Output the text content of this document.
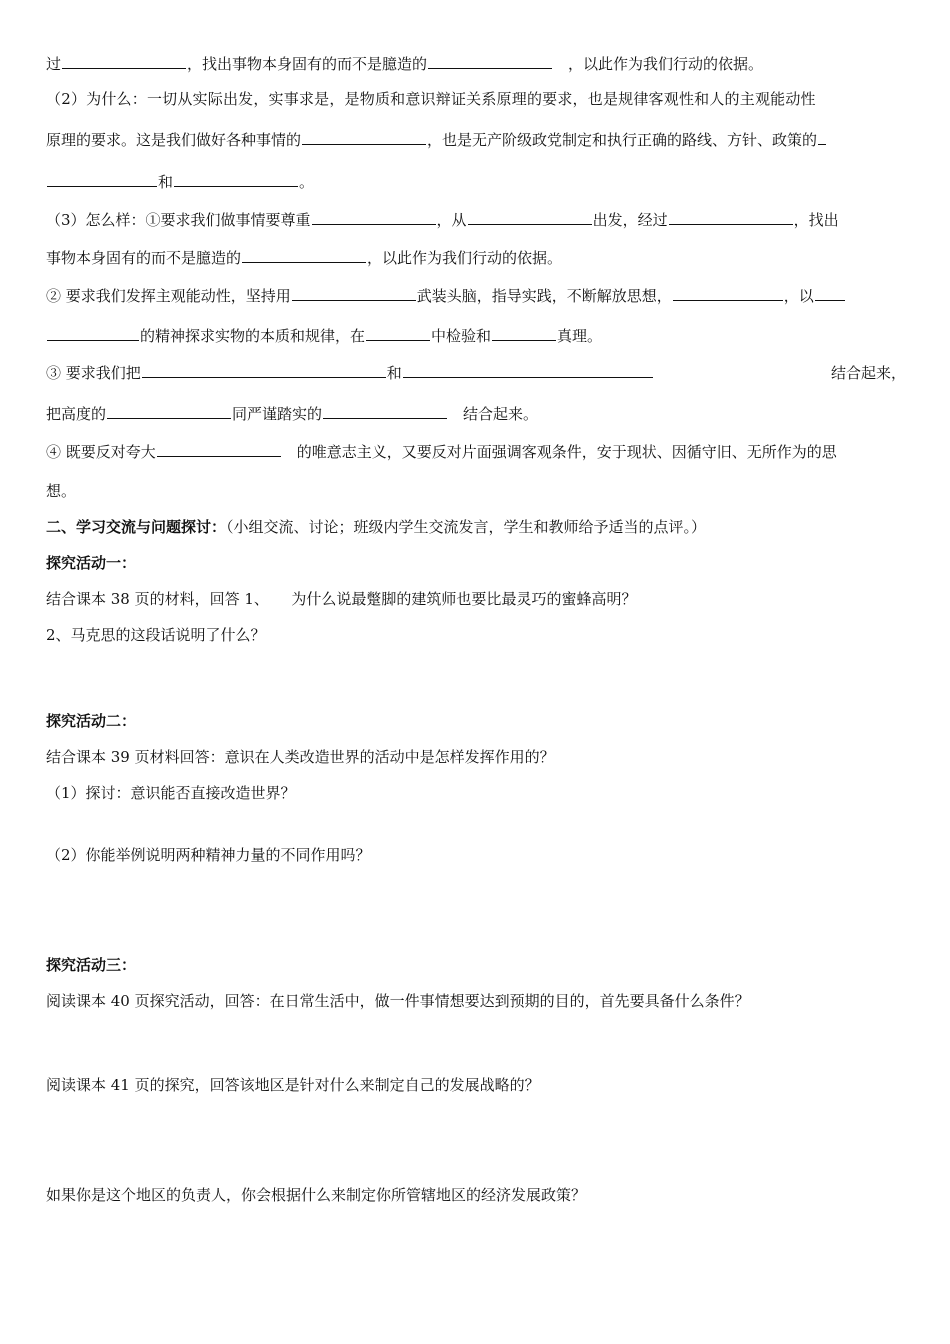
过	，找出事物本身固有的而不是臆造的　	，以此作为我们行动的依据。
（2）为什么：一切从实际出发，实事求是，是物质和意识辩证关系原理的要求，也是规律客观性和人的主观能动性
原理的要求。这是我们做好各种事情的	，也是无产阶级政党制定和执行正确的路线、方针、政策的
和	。
（3）怎么样：①要求我们做事情要尊重	，从	出发，经过	，找出
事物本身固有的而不是臆造的	，以此作为我们行动的依据。
② 要求我们发挥主观能动性，坚持用	武装头脑，指导实践，不断解放思想，	，以
的精神探求实物的本质和规律，在	中检验和	真理。
③ 要求我们把	和	结合起来，
把高度的	同严谨踏实的　	结合起来。
④ 既要反对夸大　	的唯意志主义，又要反对片面强调客观条件，安于现状、因循守旧、无所作为的思
想。
二、学习交流与问题探讨：（小组交流、讨论；班级内学生交流发言，学生和教师给予适当的点评。）
探究活动一：
结合课本 38 页的材料，回答 1、　　为什么说最蹩脚的建筑师也要比最灵巧的蜜蜂高明？
2、马克思的这段话说明了什么？
探究活动二：
结合课本 39 页材料回答：意识在人类改造世界的活动中是怎样发挥作用的？
（1）探讨：意识能否直接改造世界？
（2）你能举例说明两种精神力量的不同作用吗？
探究活动三：
阅读课本 40 页探究活动，回答：在日常生活中，做一件事情想要达到预期的目的，首先要具备什么条件？
阅读课本 41 页的探究，回答该地区是针对什么来制定自己的发展战略的？
如果你是这个地区的负责人，你会根据什么来制定你所管辖地区的经济发展政策？
